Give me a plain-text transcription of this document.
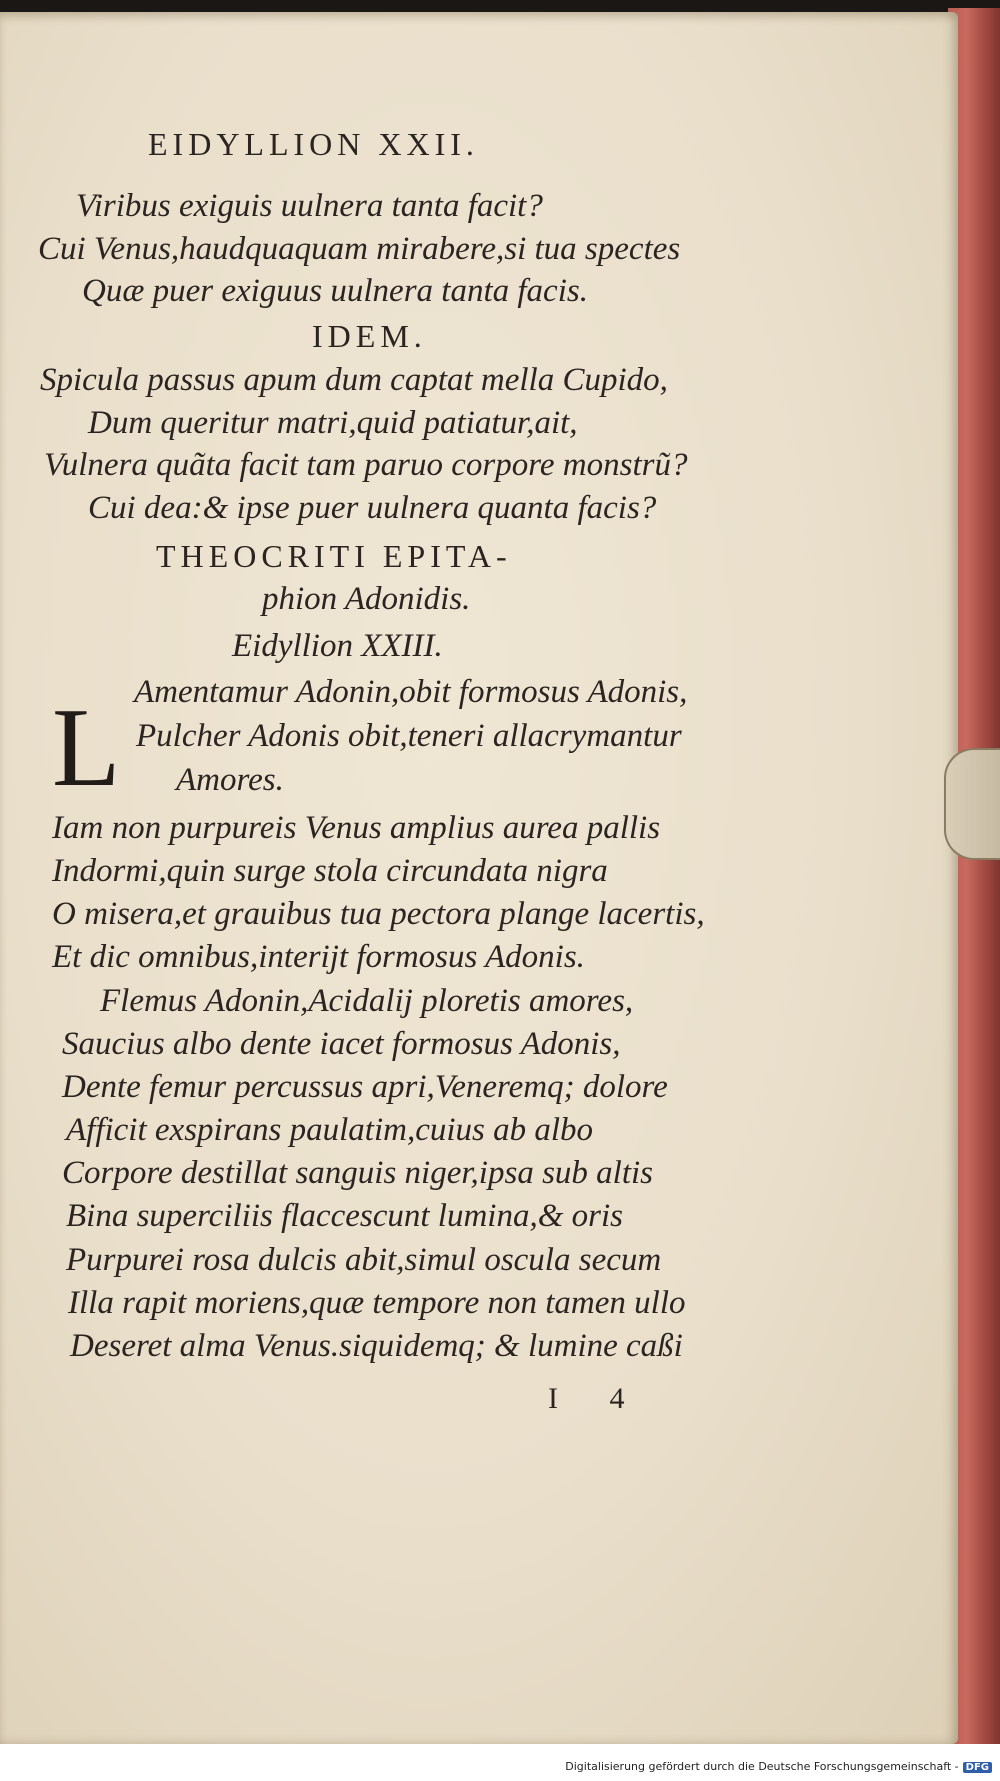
EIDYLLION XXII.
Viribus exiguis uulnera tanta facit?
Cui Venus,haudquaquam mirabere,si tua spectes
Quæ puer exiguus uulnera tanta facis.
IDEM.
Spicula passus apum dum captat mella Cupido,
Dum queritur matri,quid patiatur,ait,
Vulnera quãta facit tam paruo corpore monstrũ?
Cui dea:& ipse puer uulnera quanta facis?
THEOCRITI EPITA-
phion Adonidis.
Eidyllion XXIII.
L Amentamur Adonin,obit formosus Adonis,
Pulcher Adonis obit,teneri allacrymantur
Amores.
Iam non purpureis Venus amplius aurea pallis
Indormi,quin surge stola circundata nigra
O misera,et grauibus tua pectora plange lacertis,
Et dic omnibus,interijt formosus Adonis.
Flemus Adonin,Acidalij ploretis amores,
Saucius albo dente iacet formosus Adonis,
Dente femur percussus apri,Veneremq; dolore
Afficit exspirans paulatim,cuius ab albo
Corpore destillat sanguis niger,ipsa sub altis
Bina superciliis flaccescunt lumina,& oris
Purpurei rosa dulcis abit,simul oscula secum
Illa rapit moriens,quæ tempore non tamen ullo
Deseret alma Venus.siquidemq; & lumine caßi
I 4
Digitalisierung gefördert durch die Deutsche Forschungsgemeinschaft - DFG
